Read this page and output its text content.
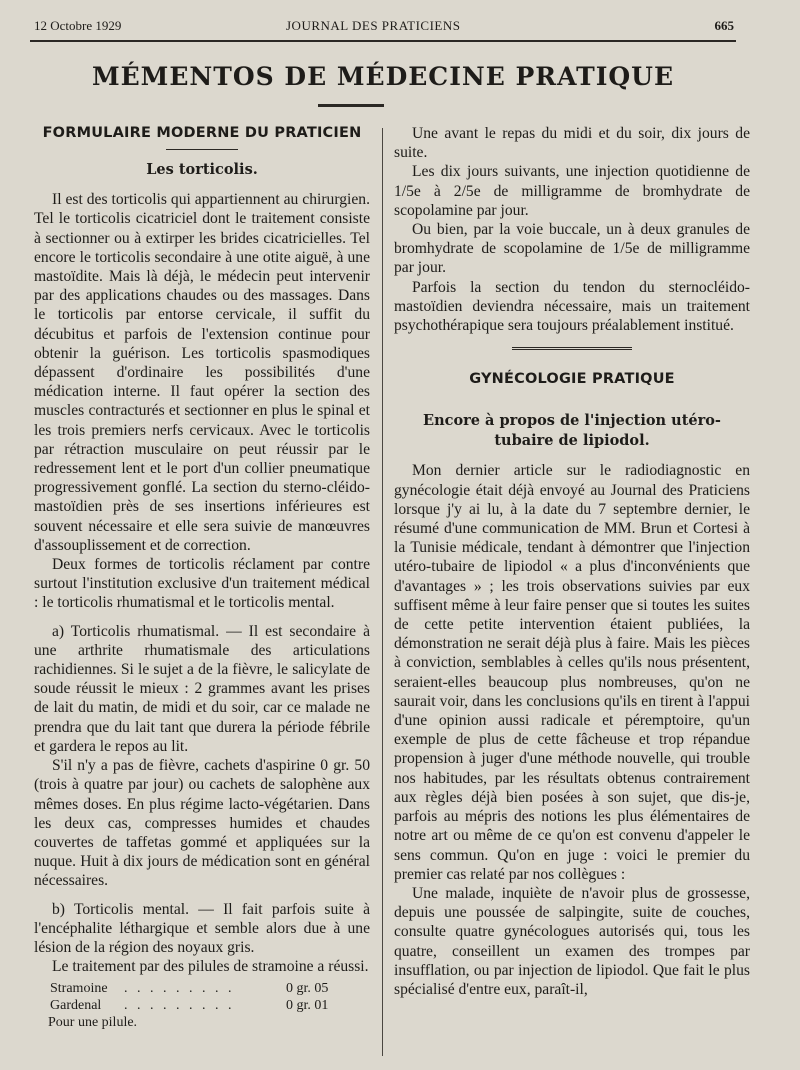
12 Octobre 1929	JOURNAL DES PRATICIENS	665
MÉMENTOS DE MÉDECINE PRATIQUE
FORMULAIRE MODERNE DU PRATICIEN
Les torticolis.

Il est des torticolis qui appartiennent au chirurgien. Tel le torticolis cicatriciel dont le traitement consiste à sectionner ou à extirper les brides cicatricielles. Tel encore le torticolis secondaire à une otite aiguë, à une mastoïdite. Mais là déjà, le médecin peut intervenir par des applications chaudes ou des massages. Dans le torticolis par entorse cervicale, il suffit du décubitus et parfois de l'extension continue pour obtenir la guérison. Les torticolis spasmodiques dépassent d'ordinaire les possibilités d'une médication interne. Il faut opérer la section des muscles contracturés et sectionner en plus le spinal et les trois premiers nerfs cervicaux. Avec le torticolis par rétraction musculaire on peut réussir par le redressement lent et le port d'un collier pneumatique progressivement gonflé. La section du sterno-cléido-mastoïdien près de ses insertions inférieures est souvent nécessaire et elle sera suivie de manœuvres d'assouplissement et de correction.

Deux formes de torticolis réclament par contre surtout l'institution exclusive d'un traitement médical : le torticolis rhumatismal et le torticolis mental.

a) Torticolis rhumatismal. — Il est secondaire à une arthrite rhumatismale des articulations rachidiennes. Si le sujet a de la fièvre, le salicylate de soude réussit le mieux : 2 grammes avant les prises de lait du matin, de midi et du soir, car ce malade ne prendra que du lait tant que durera la période fébrile et gardera le repos au lit.

S'il n'y a pas de fièvre, cachets d'aspirine 0 gr. 50 (trois à quatre par jour) ou cachets de salophène aux mêmes doses. En plus régime lacto-végétarien. Dans les deux cas, compresses humides et chaudes couvertes de taffetas gommé et appliquées sur la nuque. Huit à dix jours de médication sont en général nécessaires.

b) Torticolis mental. — Il fait parfois suite à l'encéphalite léthargique et semble alors due à une lésion de la région des noyaux gris.

Le traitement par des pilules de stramoine a réussi.

Stramoine . . . . . . . . .	0 gr. 05
Gardenal . . . . . . . . .	0 gr. 01
Pour une pilule.

Une avant le repas du midi et du soir, dix jours de suite.

Les dix jours suivants, une injection quotidienne de 1/5e à 2/5e de milligramme de bromhydrate de scopolamine par jour.

Ou bien, par la voie buccale, un à deux granules de bromhydrate de scopolamine de 1/5e de milligramme par jour.

Parfois la section du tendon du sternocléido-mastoïdien deviendra nécessaire, mais un traitement psychothérapique sera toujours préalablement institué.

GYNÉCOLOGIE PRATIQUE
Encore à propos de l'injection utéro-tubaire de lipiodol.

Mon dernier article sur le radiodiagnostic en gynécologie était déjà envoyé au Journal des Praticiens lorsque j'y ai lu, à la date du 7 septembre dernier, le résumé d'une communication de MM. Brun et Cortesi à la Tunisie médicale, tendant à démontrer que l'injection utéro-tubaire de lipiodol « a plus d'inconvénients que d'avantages » ; les trois observations suivies par eux suffisent même à leur faire penser que si toutes les suites de cette petite intervention étaient publiées, la démonstration ne serait déjà plus à faire. Mais les pièces à conviction, semblables à celles qu'ils nous présentent, seraient-elles beaucoup plus nombreuses, qu'on ne saurait voir, dans les conclusions qu'ils en tirent à l'appui d'une opinion aussi radicale et péremptoire, qu'un exemple de plus de cette fâcheuse et trop répandue propension à juger d'une méthode nouvelle, qui trouble nos habitudes, par les résultats obtenus contrairement aux règles déjà bien posées à son sujet, que dis-je, parfois au mépris des notions les plus élémentaires de notre art ou même de ce qu'on est convenu d'appeler le sens commun. Qu'on en juge : voici le premier du premier cas relaté par nos collègues :

Une malade, inquiète de n'avoir plus de grossesse, depuis une poussée de salpingite, suite de couches, consulte quatre gynécologues autorisés qui, tous les quatre, conseillent un examen des trompes par insufflation, ou par injection de lipiodol. Que fait le plus spécialisé d'entre eux, paraît-il,
